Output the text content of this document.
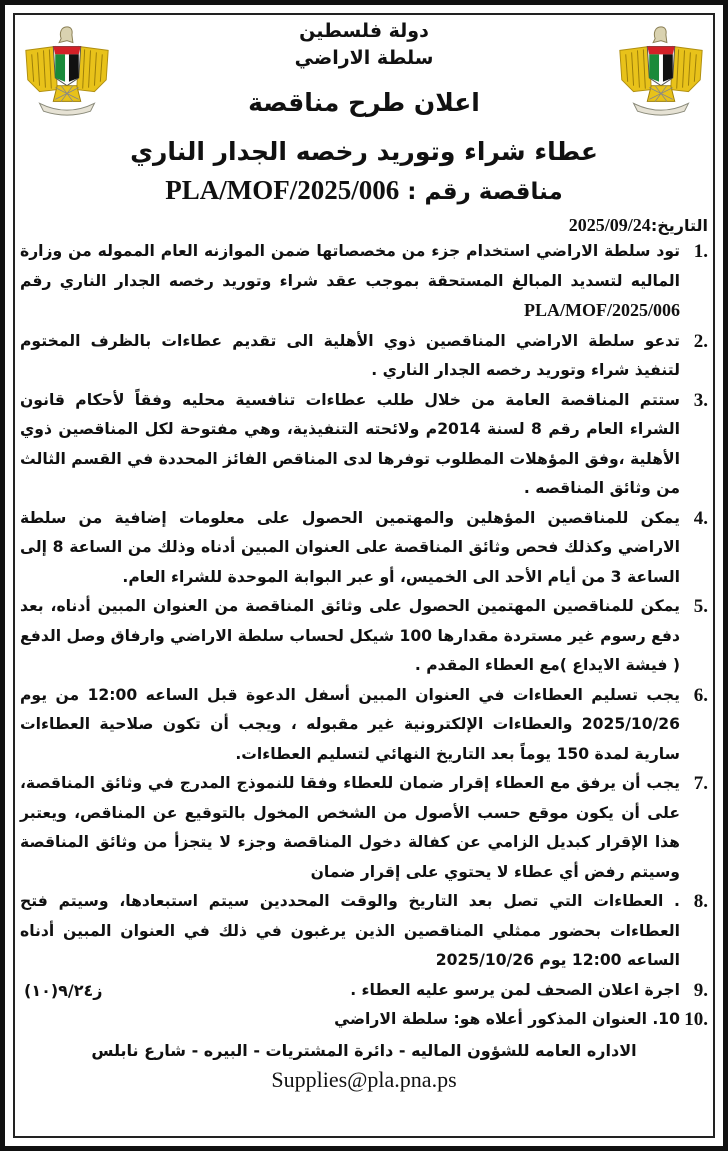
دولة فلسطين
سلطة الاراضي
اعلان طرح مناقصة
عطاء شراء وتوريد رخصه الجدار الناري
مناقصة رقم : PLA/MOF/2025/006
التاريخ:2025/09/24
1.
تود سلطة الاراضي استخدام جزء من مخصصاتها ضمن الموازنه العام المموله من وزارة الماليه لتسديد المبالغ المستحقة بموجب عقد شراء وتوريد رخصه الجدار الناري رقم PLA/MOF/2025/006
2.
تدعو سلطة الاراضي المناقصين ذوي الأهلية الى تقديم عطاءات بالظرف المختوم لتنفيذ شراء وتوريد رخصه الجدار الناري .
3.
ستتم المناقصة العامة من خلال طلب عطاءات تنافسية محليه وفقاً لأحكام قانون الشراء العام رقم 8 لسنة 2014م ولائحته التنفيذية، وهي مفتوحة لكل المناقصين ذوي الأهلية ،وفق المؤهلات المطلوب توفرها لدى المناقص الفائز المحددة في القسم الثالث من وثائق المناقصه .
4.
يمكن للمناقصين المؤهلين والمهتمين الحصول على معلومات إضافية من سلطة الاراضي وكذلك فحص وثائق المناقصة على العنوان المبين أدناه وذلك من الساعة 8 إلى الساعة 3 من أيام الأحد الى الخميس، أو عبر البوابة الموحدة للشراء العام.
5.
يمكن للمناقصين المهتمين الحصول على وثائق المناقصة من العنوان المبين أدناه، بعد دفع رسوم غير مستردة مقدارها 100 شيكل لحساب سلطة الاراضي وارفاق وصل الدفع ( فيشة الايداع )مع العطاء المقدم .
6.
يجب تسليم العطاءات في العنوان المبين أسفل الدعوة قبل الساعه 12:00 من يوم 2025/10/26 والعطاءات الإلكترونية غير مقبوله ، ويجب أن تكون صلاحية العطاءات سارية لمدة 150 يوماً بعد التاريخ النهائي لتسليم العطاءات.
7.
يجب أن يرفق مع العطاء إقرار ضمان للعطاء وفقا للنموذج المدرج في وثائق المناقصة، على أن يكون موقع حسب الأصول من الشخص المخول بالتوقيع عن المناقص، ويعتبر هذا الإقرار كبديل الزامي عن كفالة دخول المناقصة وجزء لا يتجزأ من وثائق المناقصة وسيتم رفض أي عطاء لا يحتوي على إقرار ضمان
8.
. العطاءات التي تصل بعد التاريخ والوقت المحددين سيتم استبعادها، وسيتم فتح العطاءات بحضور ممثلي المناقصين الذين يرغبون في ذلك في العنوان المبين أدناه الساعه 12:00 يوم 2025/10/26
9.
اجرة اعلان الصحف لمن يرسو عليه العطاء .
(١٠)٩/٢٤ز
10.
10. العنوان المذكور أعلاه هو: سلطة الاراضي
الاداره العامه للشؤون الماليه - دائرة المشتريات - البيره - شارع نابلس
Supplies@pla.pna.ps
